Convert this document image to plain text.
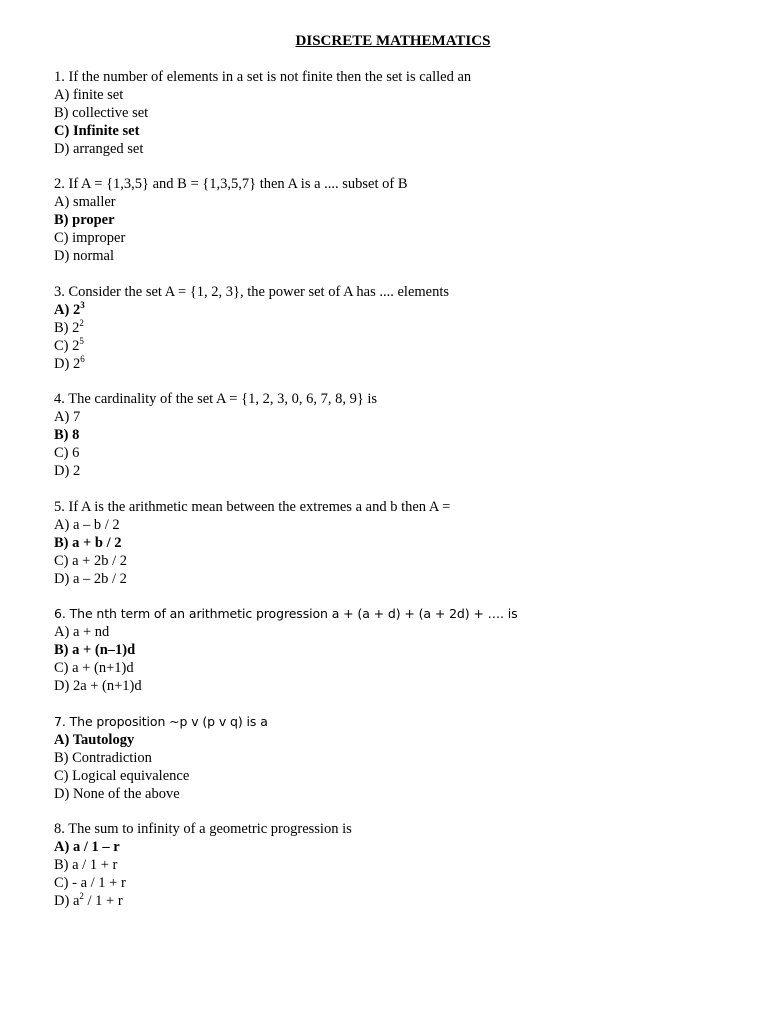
DISCRETE MATHEMATICS
1. If the number of elements in a set is not finite then the set is called an
A) finite set
B) collective set
C) Infinite set
D) arranged set
2. If A = {1,3,5} and B = {1,3,5,7} then A is a .... subset of B
A) smaller
B) proper
C) improper
D) normal
3. Consider the set A = {1, 2, 3}, the power set of A has .... elements
A) $2^3$
B) $2^2$
C) $2^5$
D) $2^6$
4. The cardinality of the set A = {1, 2, 3, 0, 6, 7, 8, 9} is
A) 7
B) 8
C) 6
D) 2
5. If A is the arithmetic mean between the extremes a and b then A =
A) a – b / 2
B) a + b / 2
C) a + 2b / 2
D) a – 2b / 2
6. The nth term of an arithmetic progression a + (a + d) + (a + 2d) + …. is
A) a + nd
B) a + (n–1)d
C) a + (n+1)d
D) 2a + (n+1)d
7. The proposition ~p v (p v q) is a
A) Tautology
B) Contradiction
C) Logical equivalence
D) None of the above
8. The sum to infinity of a geometric progression is
A) a / 1 – r
B) a / 1 + r
C) - a / 1 + r
D) $a^2 / 1 + r$
